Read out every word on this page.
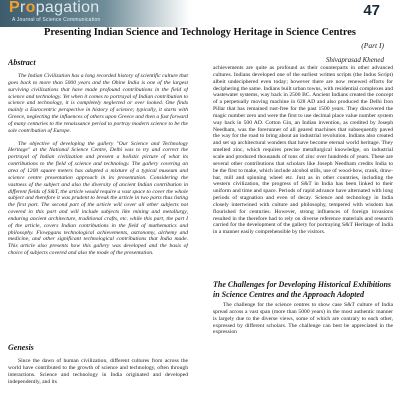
Propagation
A Journal of Science Communication
47
Presenting Indian Science and Technology Heritage in Science Centres
(Part I)
Shivaprasad Khened
Abstract

The Indian Civilization has a long recorded history of scientific culture that goes back to more than 5000 years and the Ohine India is one of the largest surviving civilizations that have made profound contributions in the field of science and technology. Yet when it comes to portrayal of Indian contribution to science and technology, it is completely neglected or over looked. One finds mainly a Eurocentric perspective in history of science; typically, it starts with Greece, neglecting the influences of others upon Greece and then a fast forward of many centuries to the renaissance period to portray modern science to be the sole contribution of Europe.

The objective of developing the gallery "Our Science and Technology Heritage" at the National Science Centre, Delhi was to try and correct the portrayal of Indian civilization and present a holistic picture of what its contributions to the field of science and technology. The gallery covering an area of 1200 square meters has adopted a mixture of a typical museum and science centre presentation approach in its presentation. Considering the vastness of the subject and also the diversity of ancient Indian contribution in different fields of S&T, the article would require a vast space to cover the whole subject and therefore it was prudent to break the article in two parts thus listing the first part. The second part of the article will cover all other subjects not covered in this part and will include subjects like mining and metallurgy, enduring ancient architecture, traditional crafts, etc. while this part, the part I of the article, covers Indian contributions in the field of mathematics and philosophy. Flowpgans technological achievements, astronomy, alchemy and medicine, and other significant technological contributions that India made. This article also presents how this gallery was developed and the basis of choice of subjects covered and also the mode of the presentation.

Genesis

Since the dawn of human civilization, different cultures from across the world have contributed to the growth of science and technology, often through interactions. Science and technology in India originated and developed independently, and its

achievements are quite as profound as their counterparts in other advanced cultures. Indians developed one of the earliest written scripts (the Indus Script) albeit undeciphered even today; however there are now renewed efforts for deciphering the same. Indians built urban towns, with residential complexes and wastewater systems, way back in 2500 BC. Ancient Indians created the concept of a perpetually moving machine in 628 AD and also produced the Delhi Iron Pillar that has remained rust-free for the past 1500 years. They discovered the magic number zero and were the first to use decimal place value number system way back in 500 AD. Cotton Gin, an Indian invention, as credited by Joseph Needham, was the forerunner of all geared machines that subsequently paved the way for the road to bring about an industrial revolution. Indians also created and set up architectural wonders that have become eternal world heritage. They smelted zinc, which requires precise metallurgical knowledge, on industrial scale and produced thousands of tons of zinc over hundreds of years. These are several other contributions that scholars like Joseph Needham credits India to be the first to make, which include alcohol stills, use of wood-bow, crank, draw-bar, mill and spinning wheel etc. Just as in other countries, including the western civilization, the progress of S&T in India has been linked to their uniform and time and space. Periods of rapid advance have alternated with long periods of stagnation and even of decay. Science and technology in India closely intertwined with culture and philosophy, tempered with wisdom has flourished for centuries. However, strong influences of foreign invasions resulted in the therefore had to rely on diverse reference materials and research carried for the development of the gallery for portraying S&T Heritage of India in a manner easily comprehensible by the visitors.

The Challenges for Developing Historical Exhibitions in Science Centres and the Approach Adopted

The challenge for the science centres to show case S&T culture of India spread across a vast span (more than 5000 years) in the most authentic manner is largely due to the diverse views, some of which are contrary to each other, expressed by different scholars. The challenge can best be appreciated in the expression
